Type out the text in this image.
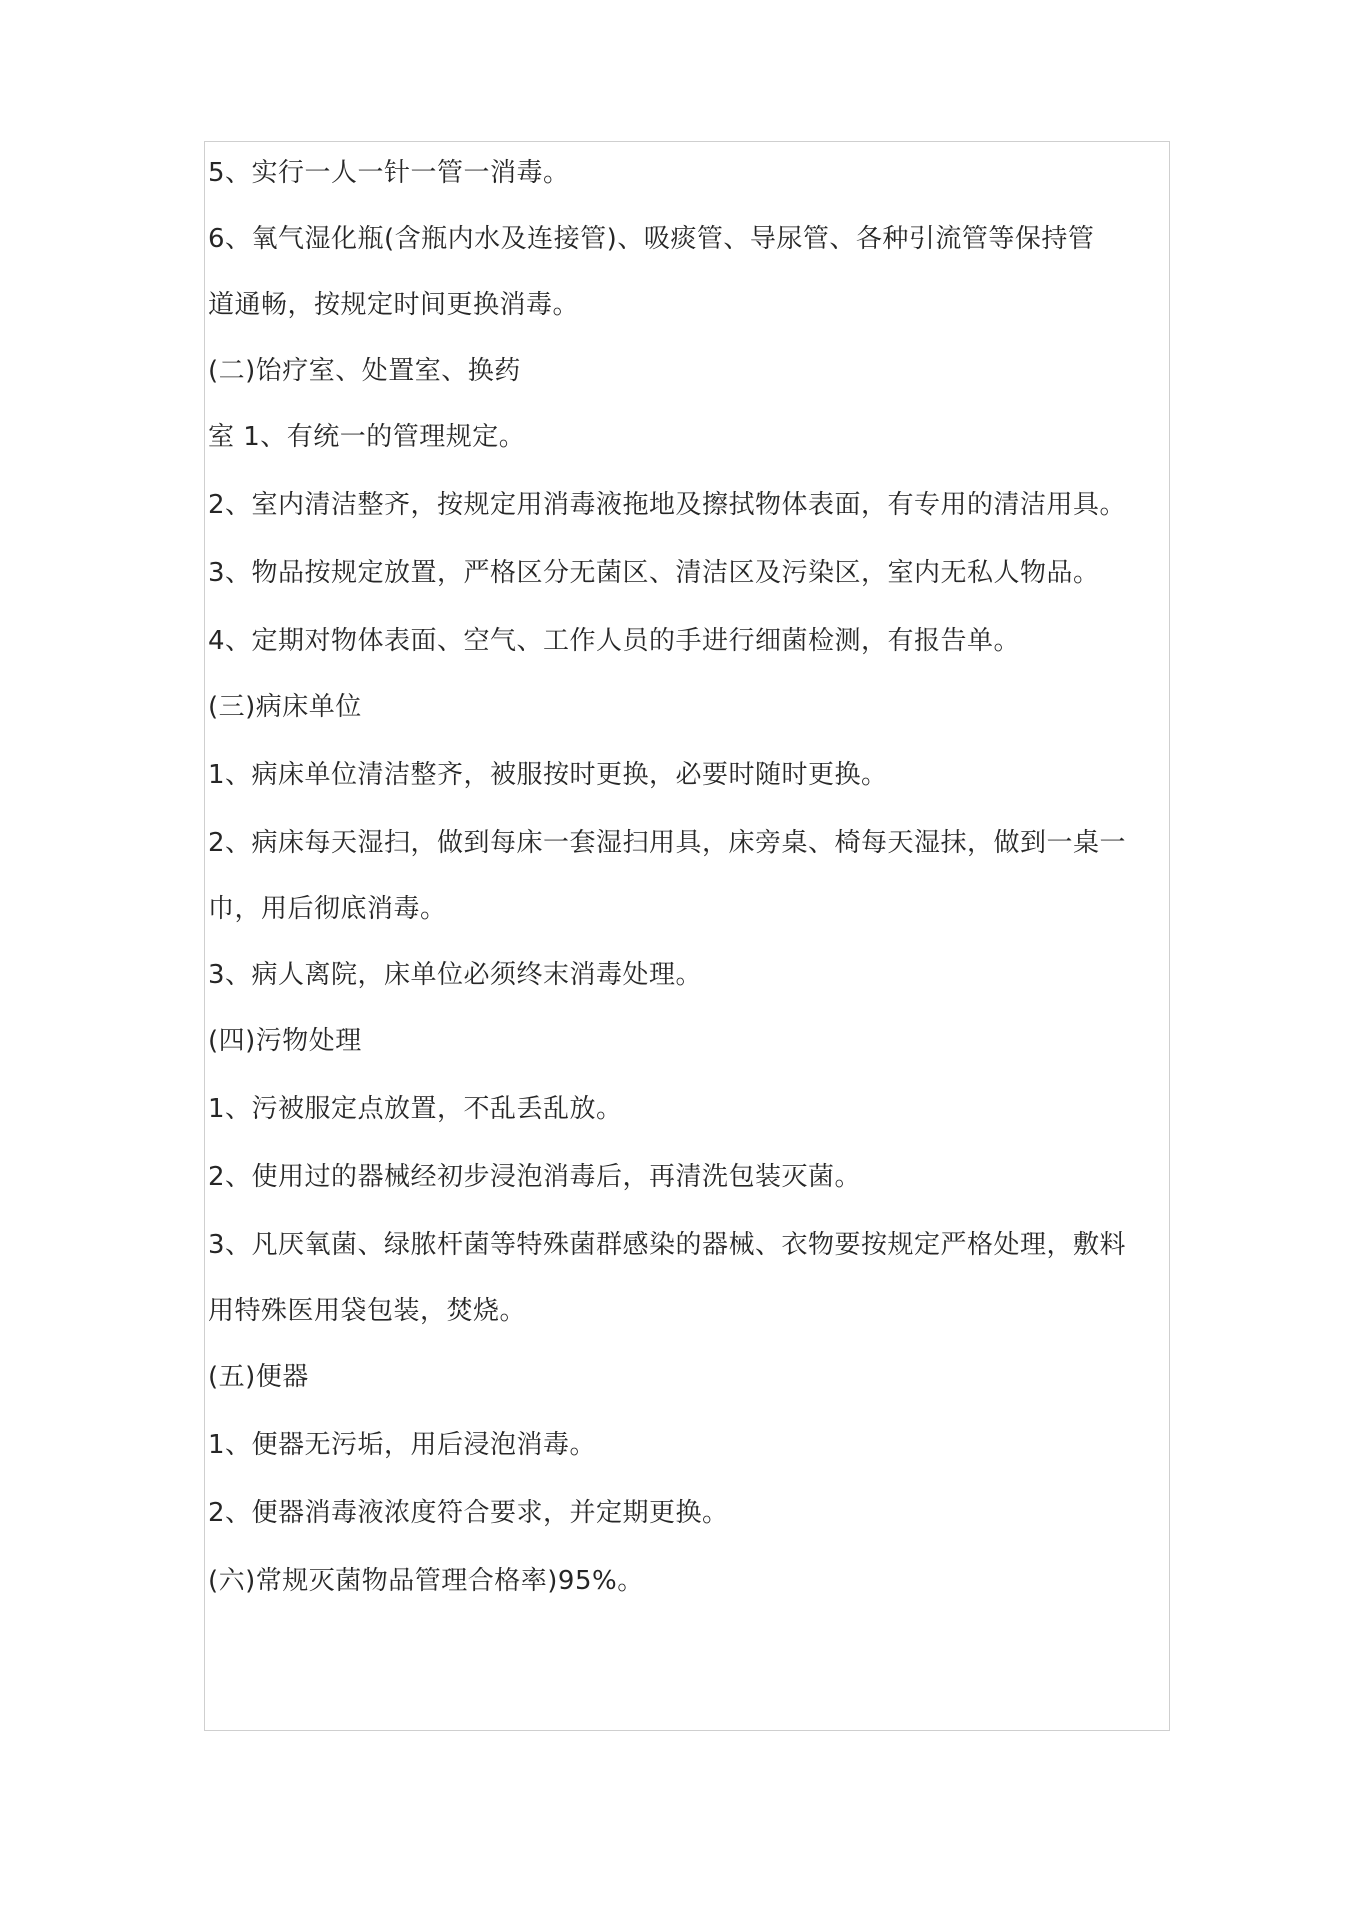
5、实行一人一针一管一消毒。
6、氧气湿化瓶(含瓶内水及连接管)、吸痰管、导尿管、各种引流管等保持管
道通畅，按规定时间更换消毒。
(二)饴疗室、处置室、换药
室 1、有统一的管理规定。
2、室内清洁整齐，按规定用消毒液拖地及擦拭物体表面，有专用的清洁用具。
3、物品按规定放置，严格区分无菌区、清洁区及污染区，室内无私人物品。
4、定期对物体表面、空气、工作人员的手进行细菌检测，有报告单。
(三)病床单位
1、病床单位清洁整齐，被服按时更换，必要时随时更换。
2、病床每天湿扫，做到每床一套湿扫用具，床旁桌、椅每天湿抹，做到一桌一
巾，用后彻底消毒。
3、病人离院，床单位必须终末消毒处理。
(四)污物处理
1、污被服定点放置，不乱丢乱放。
2、使用过的器械经初步浸泡消毒后，再清洗包装灭菌。
3、凡厌氧菌、绿脓杆菌等特殊菌群感染的器械、衣物要按规定严格处理，敷料
用特殊医用袋包装，焚烧。
(五)便器
1、便器无污垢，用后浸泡消毒。
2、便器消毒液浓度符合要求，并定期更换。
(六)常规灭菌物品管理合格率)95%。
